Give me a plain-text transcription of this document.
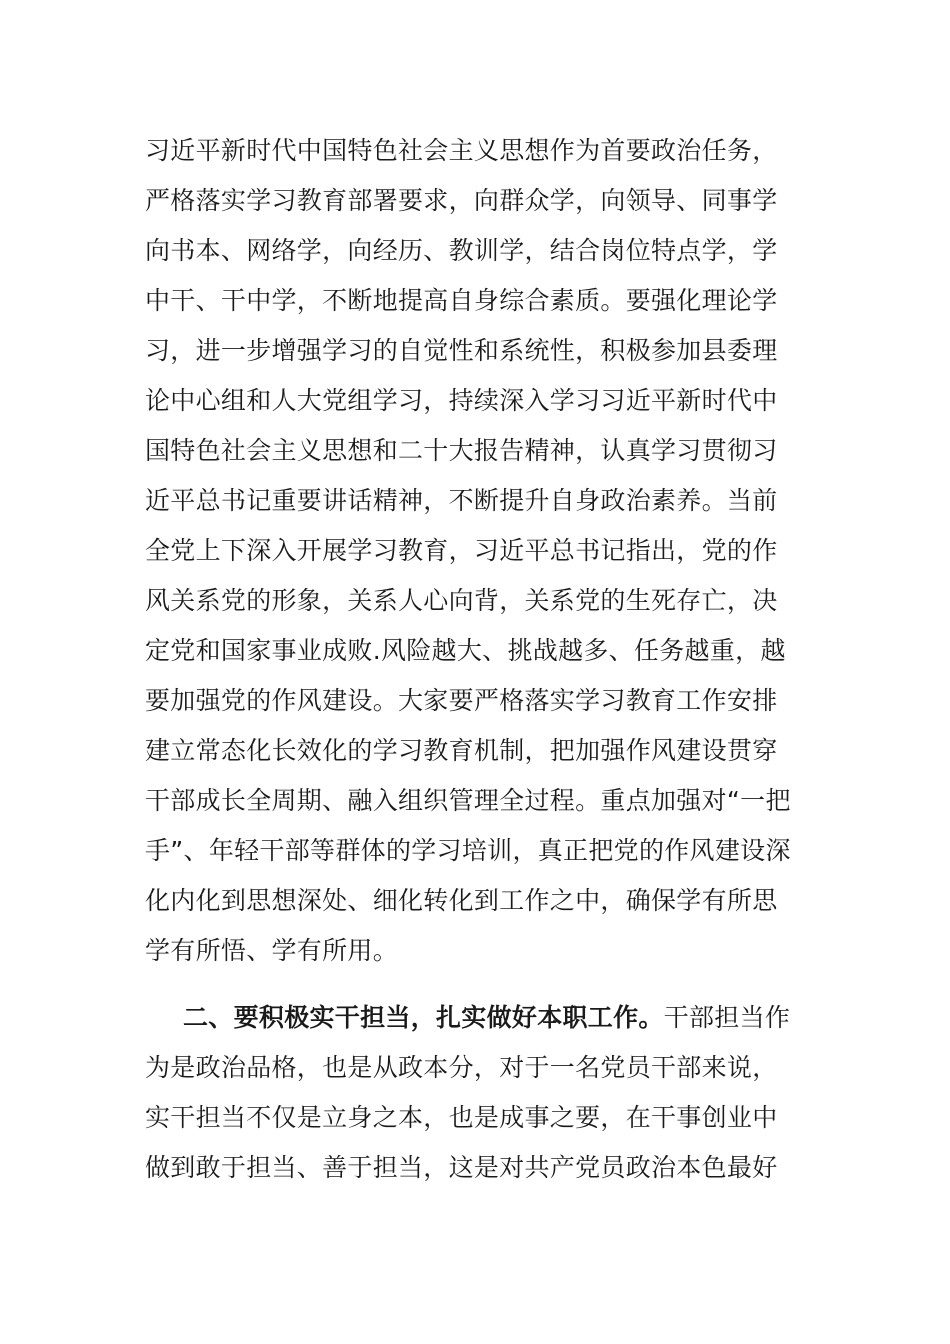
习近平新时代中国特色社会主义思想作为首要政治任务，
严格落实学习教育部署要求，向群众学，向领导、同事学
向书本、网络学，向经历、教训学，结合岗位特点学，学
中干、干中学，不断地提高自身综合素质。要强化理论学
习，进一步增强学习的自觉性和系统性，积极参加县委理
论中心组和人大党组学习，持续深入学习习近平新时代中
国特色社会主义思想和二十大报告精神，认真学习贯彻习
近平总书记重要讲话精神，不断提升自身政治素养。当前
全党上下深入开展学习教育，习近平总书记指出，党的作
风关系党的形象，关系人心向背，关系党的生死存亡，决
定党和国家事业成败.风险越大、挑战越多、任务越重，越
要加强党的作风建设。大家要严格落实学习教育工作安排
建立常态化长效化的学习教育机制，把加强作风建设贯穿
干部成长全周期、融入组织管理全过程。重点加强对“一把
手”、年轻干部等群体的学习培训，真正把党的作风建设深
化内化到思想深处、细化转化到工作之中，确保学有所思
学有所悟、学有所用。
二、要积极实干担当，扎实做好本职工作。干部担当作
为是政治品格，也是从政本分，对于一名党员干部来说，
实干担当不仅是立身之本，也是成事之要，在干事创业中
做到敢于担当、善于担当，这是对共产党员政治本色最好
